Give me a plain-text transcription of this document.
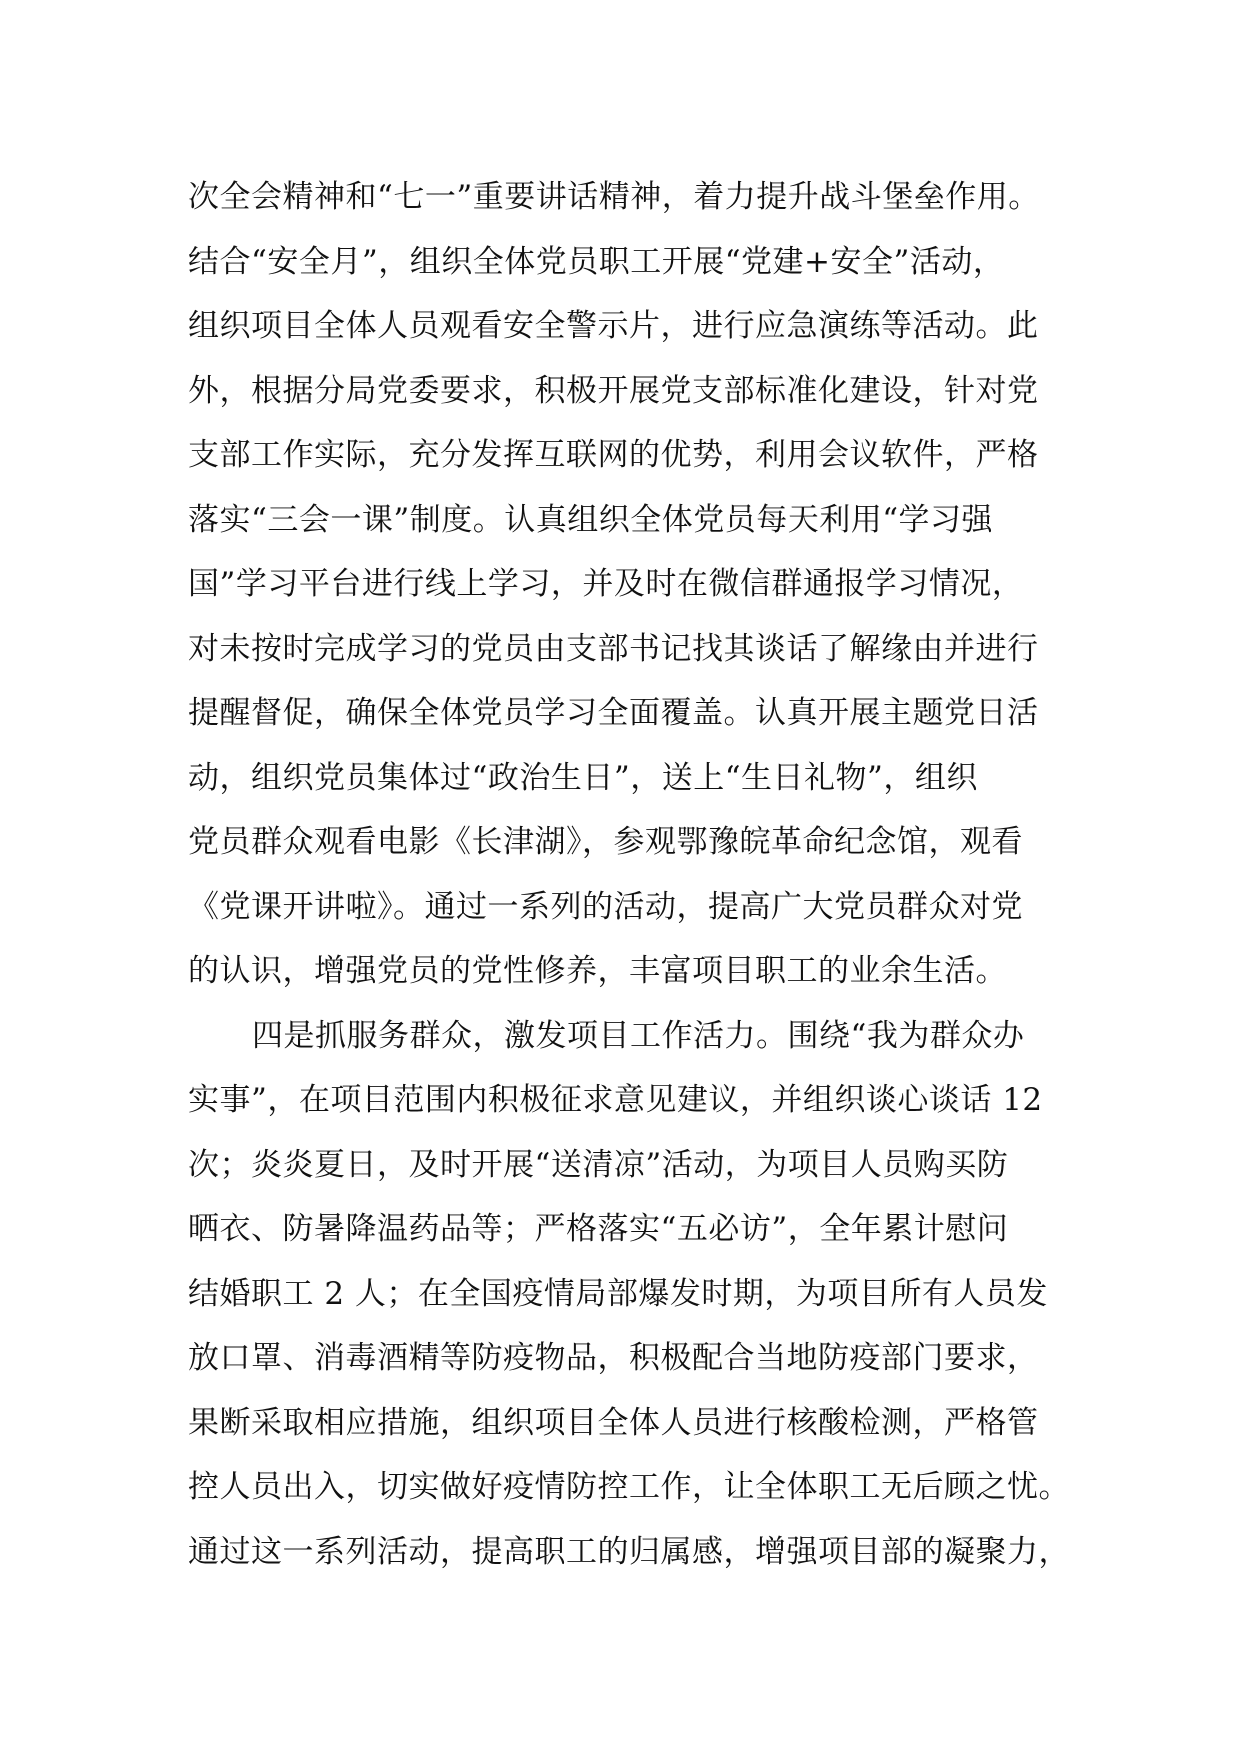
次全会精神和“七一”重要讲话精神，着力提升战斗堡垒作用。
结合“安全月”，组织全体党员职工开展“党建+安全”活动，
组织项目全体人员观看安全警示片，进行应急演练等活动。此
外，根据分局党委要求，积极开展党支部标准化建设，针对党
支部工作实际，充分发挥互联网的优势，利用会议软件，严格
落实“三会一课”制度。认真组织全体党员每天利用“学习强
国”学习平台进行线上学习，并及时在微信群通报学习情况，
对未按时完成学习的党员由支部书记找其谈话了解缘由并进行
提醒督促，确保全体党员学习全面覆盖。认真开展主题党日活
动，组织党员集体过“政治生日”，送上“生日礼物”，组织
党员群众观看电影《长津湖》，参观鄂豫皖革命纪念馆，观看
《党课开讲啦》。通过一系列的活动，提高广大党员群众对党
的认识，增强党员的党性修养，丰富项目职工的业余生活。
四是抓服务群众，激发项目工作活力。围绕“我为群众办
实事”，在项目范围内积极征求意见建议，并组织谈心谈话 12
次；炎炎夏日，及时开展“送清凉”活动，为项目人员购买防
晒衣、防暑降温药品等；严格落实“五必访”，全年累计慰问
结婚职工 2 人；在全国疫情局部爆发时期，为项目所有人员发
放口罩、消毒酒精等防疫物品，积极配合当地防疫部门要求，
果断采取相应措施，组织项目全体人员进行核酸检测，严格管
控人员出入，切实做好疫情防控工作，让全体职工无后顾之忧。
通过这一系列活动，提高职工的归属感，增强项目部的凝聚力，
